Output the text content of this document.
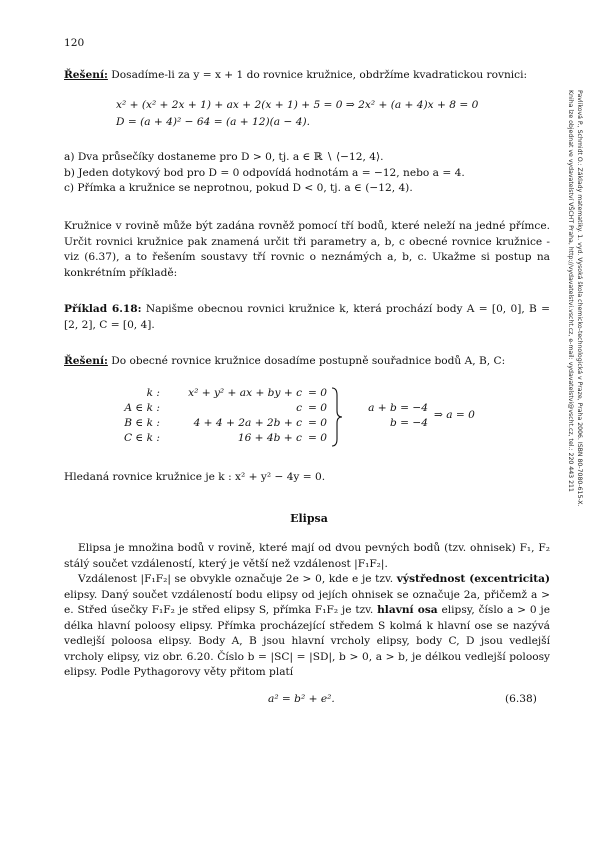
120
Pavlíková P., Schmidt O.: Základy matematiky. 1. vyd. Vysoká škola chemicko-technologická v Praze, Praha 2006. ISBN 80-7080-615-X.
Kniha lze objednat ve vydavatelství VŠCHT Praha, http://vydavatelstvi.vscht.cz, e-mail: vydavatelstvi@vscht.cz, tel.: 220 443 211
Řešení: Dosadíme-li za y = x + 1 do rovnice kružnice, obdržíme kvadratickou rovnici:
x² + (x² + 2x + 1) + ax + 2(x + 1) + 5 = 0 ⇒ 2x² + (a + 4)x + 8 = 0
D = (a + 4)² − 64 = (a + 12)(a − 4).
a) Dva průsečíky dostaneme pro D > 0, tj. a ∈ ℝ ∖ ⟨−12, 4⟩.
b) Jeden dotykový bod pro D = 0 odpovídá hodnotám a = −12, nebo a = 4.
c) Přímka a kružnice se neprotnou, pokud D < 0, tj. a ∈ (−12, 4).
Kružnice v rovině může být zadána rovněž pomocí tří bodů, které neleží na jedné přímce. Určit rovnici kružnice pak znamená určit tři parametry a, b, c obecné rovnice kružnice - viz (6.37), a to řešením soustavy tří rovnic o neznámých a, b, c. Ukažme si postup na konkrétním příkladě:
Příklad 6.18: Napišme obecnou rovnici kružnice k, která prochází body A = [0, 0], B = [2, 2], C = [0, 4].
Řešení: Do obecné rovnice kružnice dosadíme postupně souřadnice bodů A, B, C:
k :
A ∈ k :
B ∈ k :
C ∈ k :
x² + y² + ax + by + c
c
4 + 4 + 2a + 2b + c
16 + 4b + c
= 0
= 0
= 0
= 0
a + b = −4
b = −4
⇒ a = 0
Hledaná rovnice kružnice je k : x² + y² − 4y = 0.
Elipsa
Elipsa je množina bodů v rovině, které mají od dvou pevných bodů (tzv. ohnisek) F₁, F₂ stálý součet vzdáleností, který je větší než vzdálenost |F₁F₂|.
Vzdálenost |F₁F₂| se obvykle označuje 2e > 0, kde e je tzv. výstřednost (excentricita) elipsy. Daný součet vzdáleností bodu elipsy od jejích ohnisek se označuje 2a, přičemž a > e. Střed úsečky F₁F₂ je střed elipsy S, přímka F₁F₂ je tzv. hlavní osa elipsy, číslo a > 0 je délka hlavní poloosy elipsy. Přímka procházející středem S kolmá k hlavní ose se nazývá vedlejší poloosa elipsy. Body A, B jsou hlavní vrcholy elipsy, body C, D jsou vedlejší vrcholy elipsy, viz obr. 6.20. Číslo b = |SC| = |SD|, b > 0, a > b, je délkou vedlejší poloosy elipsy. Podle Pythagorovy věty přitom platí
a² = b² + e².	(6.38)
